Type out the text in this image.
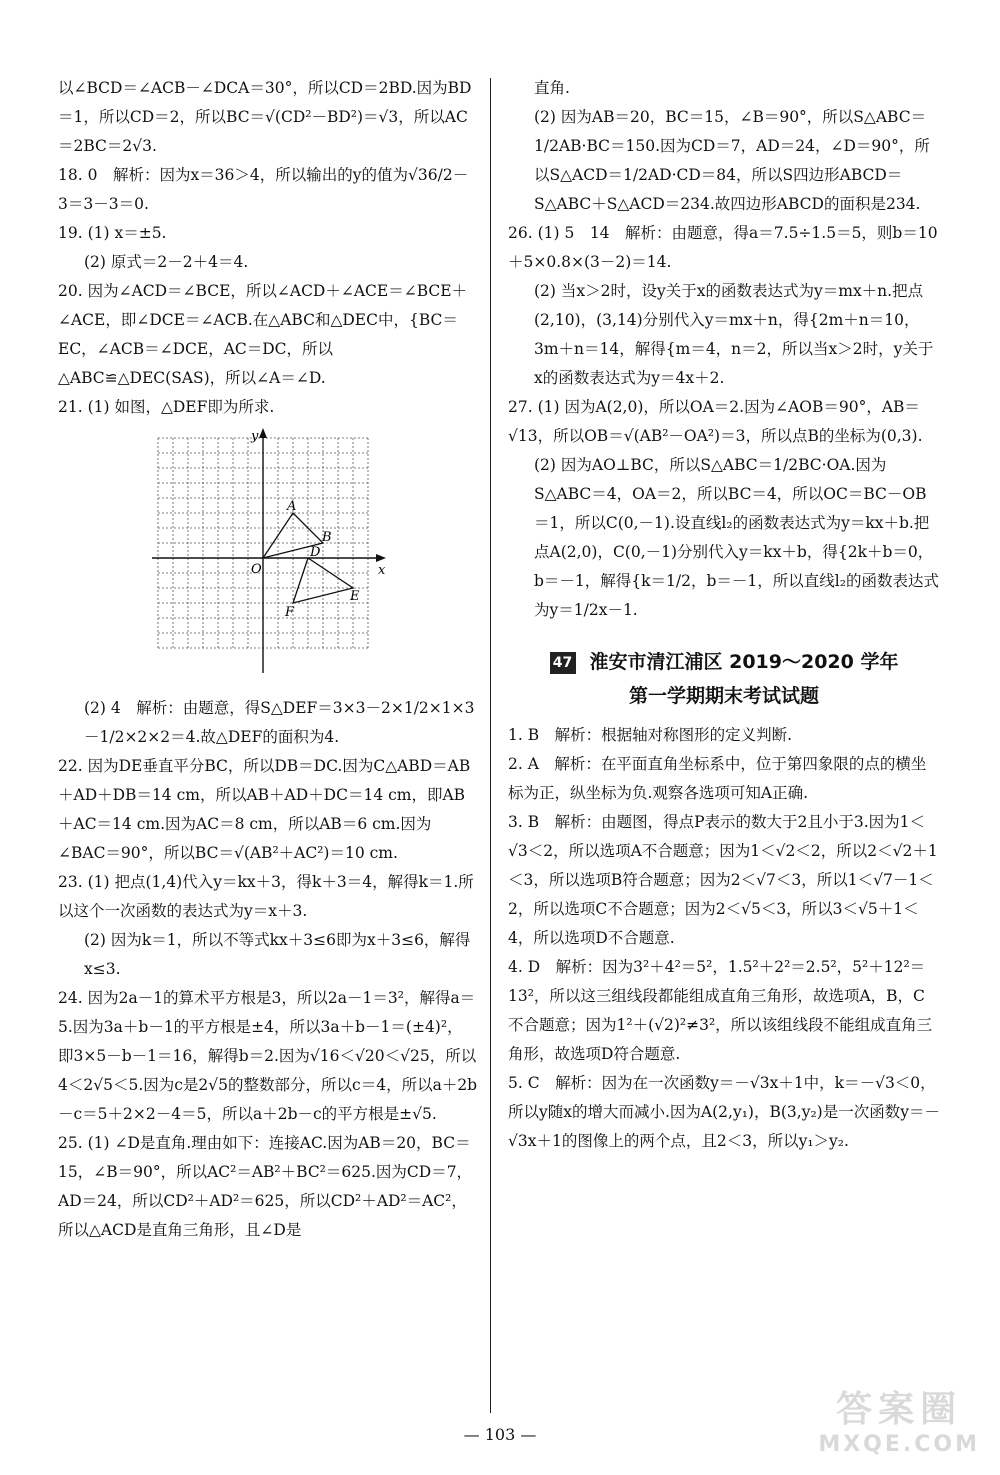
以∠BCD＝∠ACB－∠DCA＝30°，所以CD＝2BD.因为BD＝1，所以CD＝2，所以BC＝√(CD²－BD²)＝√3，所以AC＝2BC＝2√3.

18. 0　解析：因为x＝36＞4，所以输出的y的值为√36/2－3＝3－3＝0.

19. (1) x＝±5.

(2) 原式＝2－2＋4＝4.

20. 因为∠ACD＝∠BCE，所以∠ACD＋∠ACE＝∠BCE＋∠ACE，即∠DCE＝∠ACB.在△ABC和△DEC中，{BC＝EC，∠ACB＝∠DCE，AC＝DC，所以△ABC≌△DEC(SAS)，所以∠A＝∠D.

21. (1) 如图，△DEF即为所求.

x
y
O
A
B
D
E
F

(2) 4　解析：由题意，得S△DEF＝3×3－2×1/2×1×3－1/2×2×2＝4.故△DEF的面积为4.

22. 因为DE垂直平分BC，所以DB＝DC.因为C△ABD＝AB＋AD＋DB＝14 cm，所以AB＋AD＋DC＝14 cm，即AB＋AC＝14 cm.因为AC＝8 cm，所以AB＝6 cm.因为∠BAC＝90°，所以BC＝√(AB²＋AC²)＝10 cm.

23. (1) 把点(1,4)代入y＝kx＋3，得k＋3＝4，解得k＝1.所以这个一次函数的表达式为y＝x＋3.

(2) 因为k＝1，所以不等式kx＋3≤6即为x＋3≤6，解得x≤3.

24. 因为2a－1的算术平方根是3，所以2a－1＝3²，解得a＝5.因为3a＋b－1的平方根是±4，所以3a＋b－1＝(±4)²，即3×5－b－1＝16，解得b＝2.因为√16＜√20＜√25，所以4＜2√5＜5.因为c是2√5的整数部分，所以c＝4，所以a＋2b－c＝5＋2×2－4＝5，所以a＋2b－c的平方根是±√5.

25. (1) ∠D是直角.理由如下：连接AC.因为AB＝20，BC＝15，∠B＝90°，所以AC²＝AB²＋BC²＝625.因为CD＝7，AD＝24，所以CD²＋AD²＝625，所以CD²＋AD²＝AC²，所以△ACD是直角三角形，且∠D是

直角.

(2) 因为AB＝20，BC＝15，∠B＝90°，所以S△ABC＝1/2AB·BC＝150.因为CD＝7，AD＝24，∠D＝90°，所以S△ACD＝1/2AD·CD＝84，所以S四边形ABCD＝S△ABC＋S△ACD＝234.故四边形ABCD的面积是234.

26. (1) 5　14　解析：由题意，得a＝7.5÷1.5＝5，则b＝10＋5×0.8×(3－2)＝14.

(2) 当x＞2时，设y关于x的函数表达式为y＝mx＋n.把点(2,10)，(3,14)分别代入y＝mx＋n，得{2m＋n＝10，3m＋n＝14，解得{m＝4，n＝2，所以当x＞2时，y关于x的函数表达式为y＝4x＋2.

27. (1) 因为A(2,0)，所以OA＝2.因为∠AOB＝90°，AB＝√13，所以OB＝√(AB²－OA²)＝3，所以点B的坐标为(0,3).

(2) 因为AO⊥BC，所以S△ABC＝1/2BC·OA.因为S△ABC＝4，OA＝2，所以BC＝4，所以OC＝BC－OB＝1，所以C(0,－1).设直线l₂的函数表达式为y＝kx＋b.把点A(2,0)，C(0,－1)分别代入y＝kx＋b，得{2k＋b＝0，b＝－1，解得{k＝1/2，b＝－1，所以直线l₂的函数表达式为y＝1/2x－1.

47 淮安市清江浦区 2019～2020 学年
第一学期期末考试试题

1. B　解析：根据轴对称图形的定义判断.

2. A　解析：在平面直角坐标系中，位于第四象限的点的横坐标为正，纵坐标为负.观察各选项可知A正确.

3. B　解析：由题图，得点P表示的数大于2且小于3.因为1＜√3＜2，所以选项A不合题意；因为1＜√2＜2，所以2＜√2＋1＜3，所以选项B符合题意；因为2＜√7＜3，所以1＜√7－1＜2，所以选项C不合题意；因为2＜√5＜3，所以3＜√5＋1＜4，所以选项D不合题意.

4. D　解析：因为3²＋4²＝5²，1.5²＋2²＝2.5²，5²＋12²＝13²，所以这三组线段都能组成直角三角形，故选项A，B，C不合题意；因为1²＋(√2)²≠3²，所以该组线段不能组成直角三角形，故选项D符合题意.

5. C　解析：因为在一次函数y＝－√3x＋1中，k＝－√3＜0，所以y随x的增大而减小.因为A(2,y₁)，B(3,y₂)是一次函数y＝－√3x＋1的图像上的两个点，且2＜3，所以y₁＞y₂.

— 103 —
答案圈
MXQE.COM
